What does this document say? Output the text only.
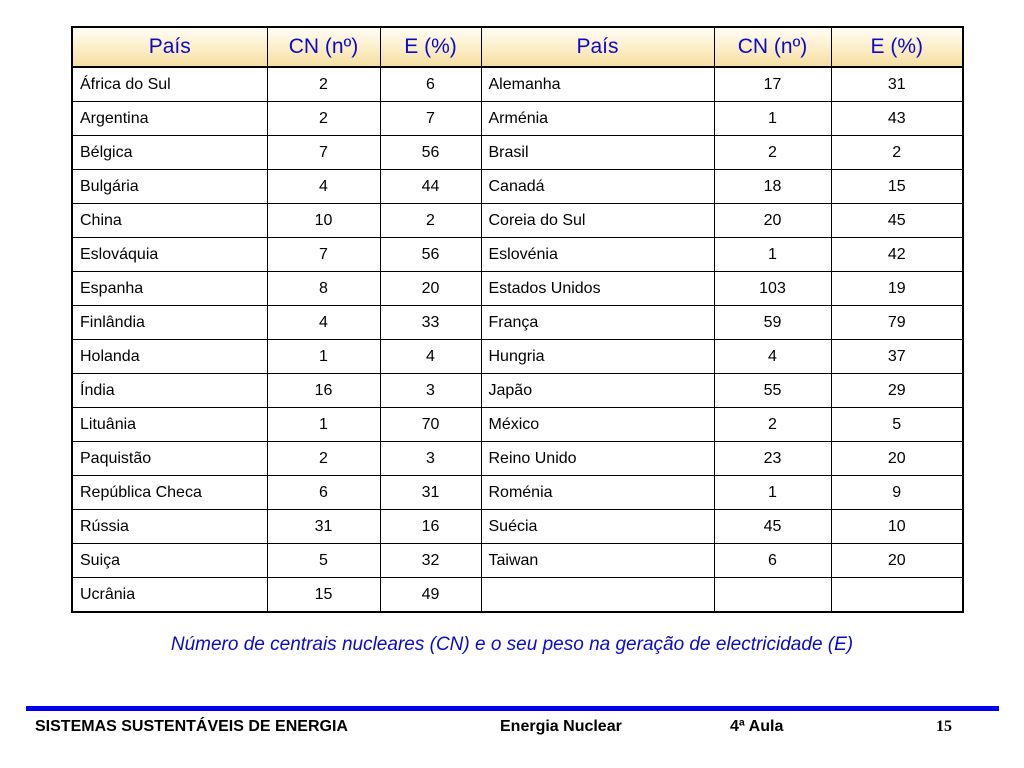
País	CN (nº)	E (%)	País	CN (nº)	E (%)
África do Sul	2	6	Alemanha	17	31
Argentina	2	7	Arménia	1	43
Bélgica	7	56	Brasil	2	2
Bulgária	4	44	Canadá	18	15
China	10	2	Coreia do Sul	20	45
Eslováquia	7	56	Eslovénia	1	42
Espanha	8	20	Estados Unidos	103	19
Finlândia	4	33	França	59	79
Holanda	1	4	Hungria	4	37
Índia	16	3	Japão	55	29
Lituânia	1	70	México	2	5
Paquistão	2	3	Reino Unido	23	20
República Checa	6	31	Roménia	1	9
Rússia	31	16	Suécia	45	10
Suiça	5	32	Taiwan	6	20
Ucrânia	15	49			
Número de centrais nucleares (CN) e o seu peso na geração de electricidade (E)
SISTEMAS SUSTENTÁVEIS DE ENERGIA	Energia Nuclear	4ª Aula	15
